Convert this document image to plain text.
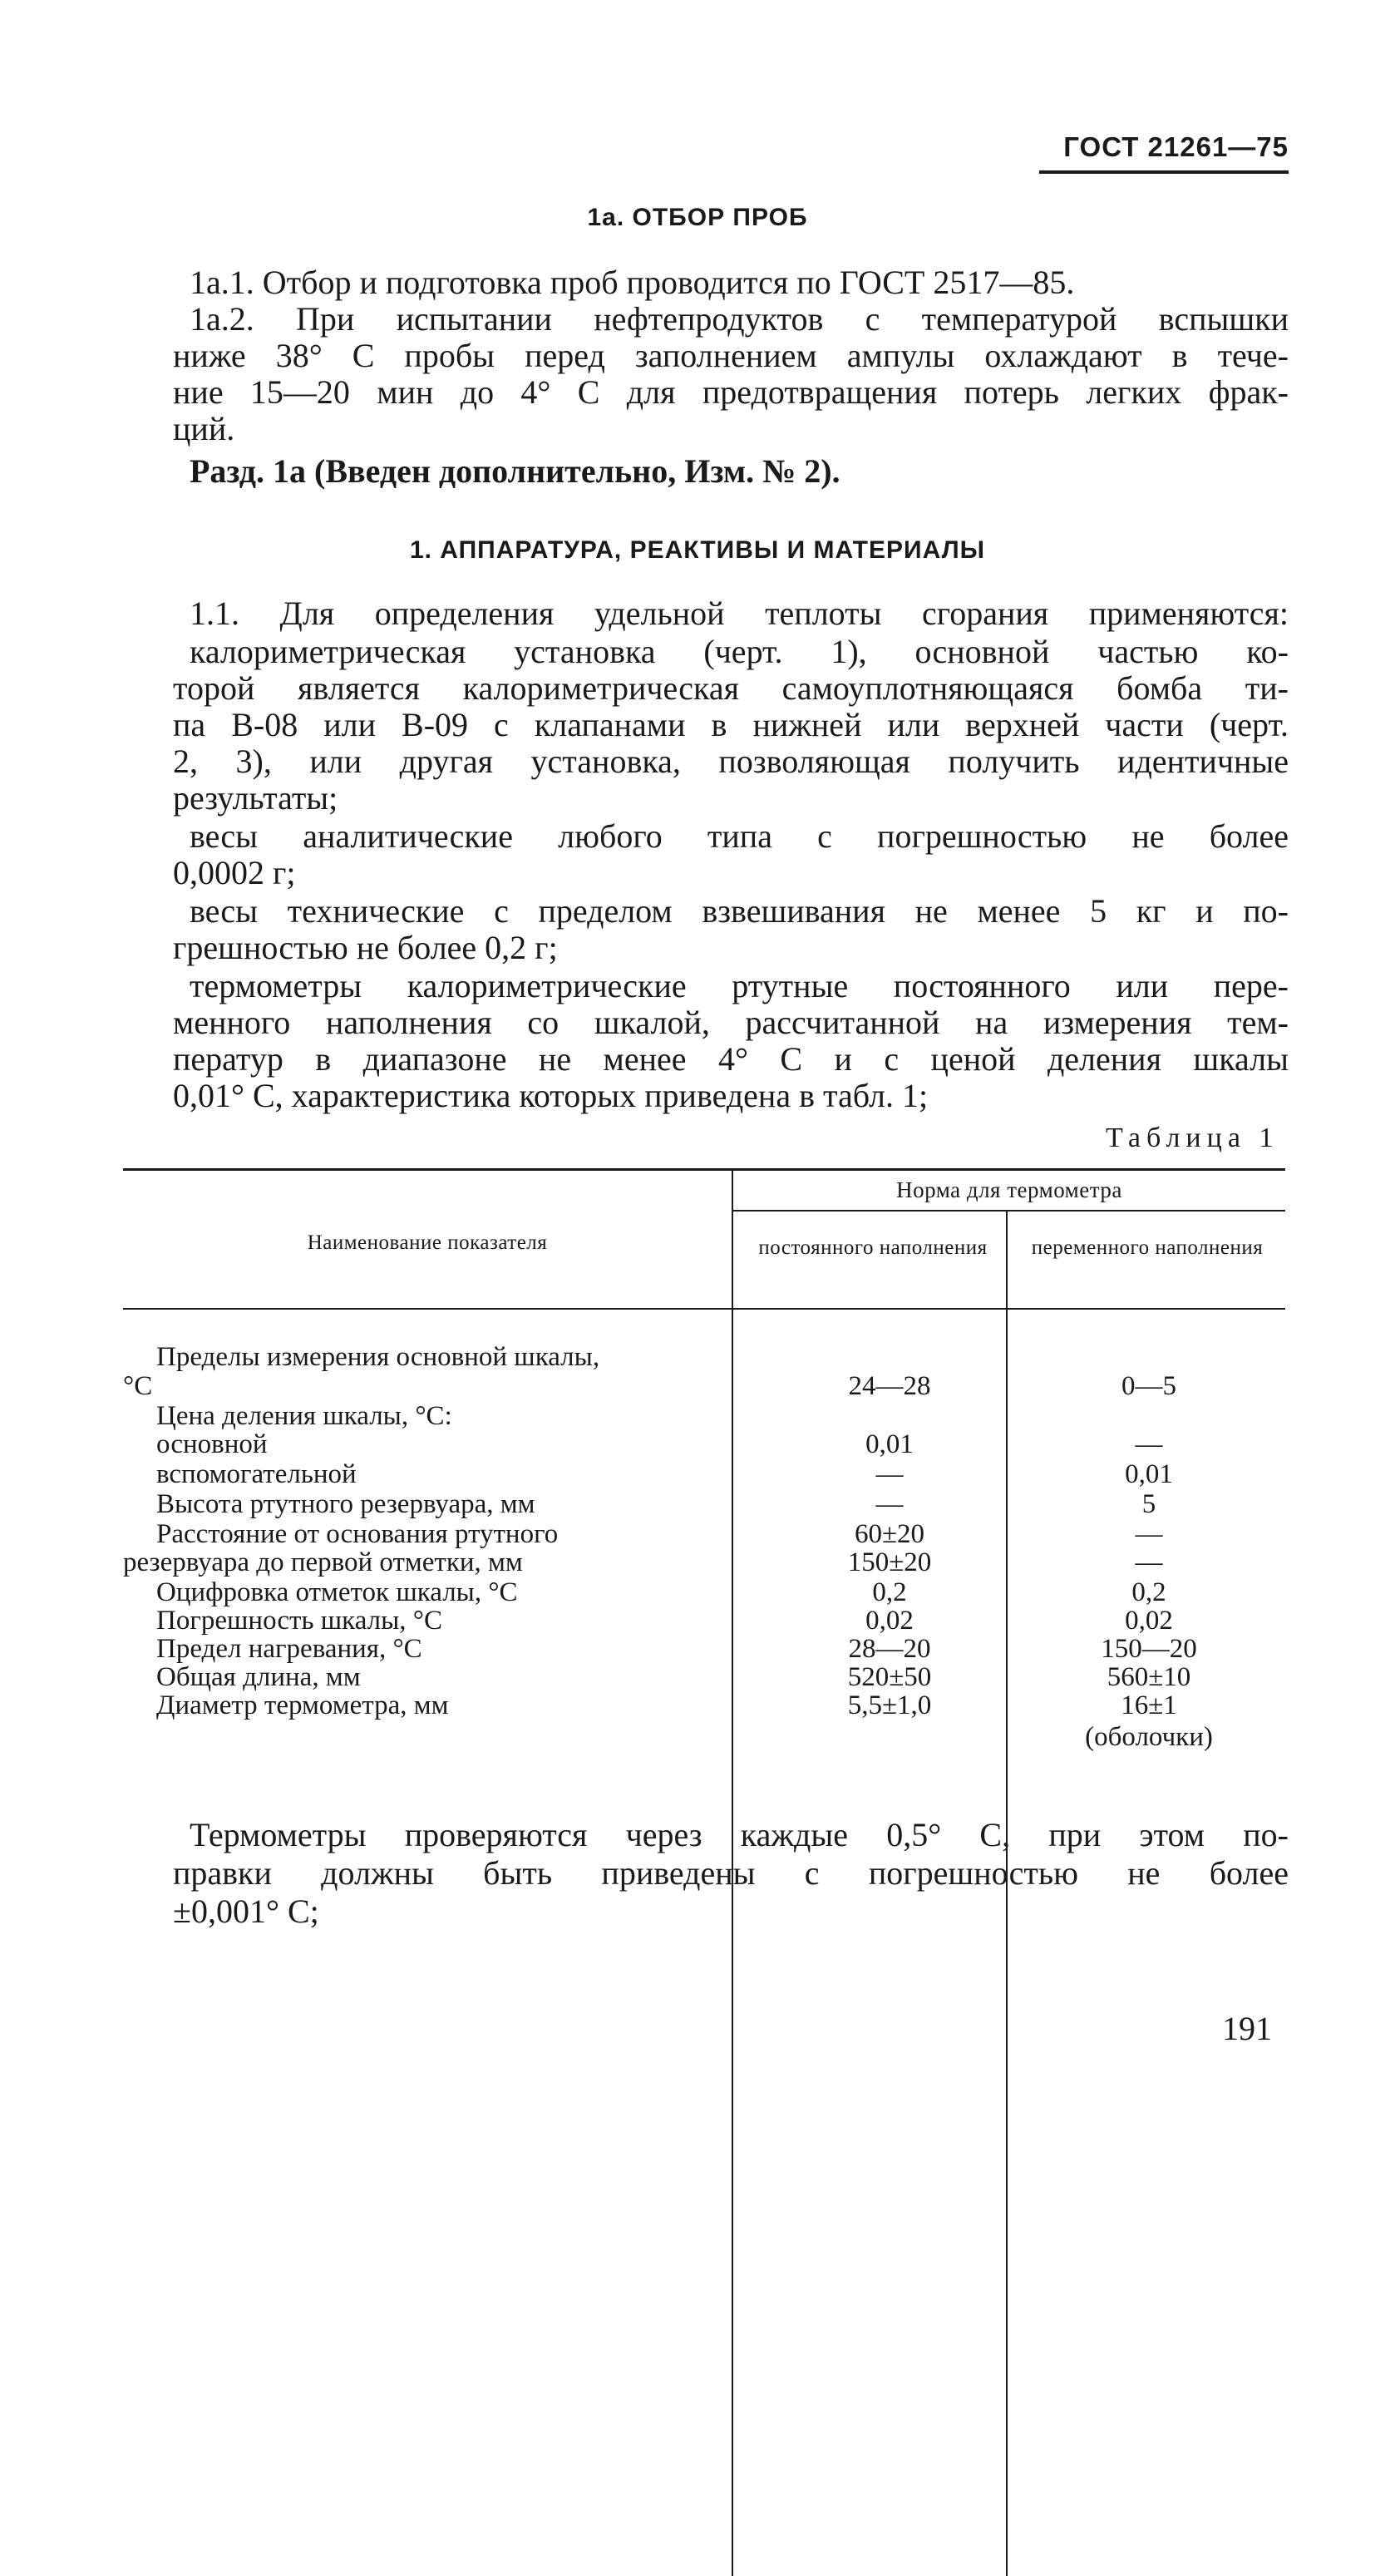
ГОСТ 21261—75
1а. ОТБОР ПРОБ
1а.1. Отбор и подготовка проб проводится по ГОСТ 2517—85.
1а.2. При испытании нефтепродуктов с температурой вспышки
ниже 38° С пробы перед заполнением ампулы охлаждают в тече-
ние 15—20 мин до 4° С для предотвращения потерь легких фрак-
ций.
Разд. 1а (Введен дополнительно, Изм. № 2).
1. АППАРАТУРА, РЕАКТИВЫ И МАТЕРИАЛЫ
1.1. Для определения удельной теплоты сгорания применяются:
калориметрическая установка (черт. 1), основной частью ко-
торой является калориметрическая самоуплотняющаяся бомба ти-
па В-08 или В-09 с клапанами в нижней или верхней части (черт.
2, 3), или другая установка, позволяющая получить идентичные
результаты;
весы аналитические любого типа с погрешностью не более
0,0002 г;
весы технические с пределом взвешивания не менее 5 кг и по-
грешностью не более 0,2 г;
термометры калориметрические ртутные постоянного или пере-
менного наполнения со шкалой, рассчитанной на измерения тем-
ператур в диапазоне не менее 4° С и с ценой деления шкалы
0,01° С, характеристика которых приведена в табл. 1;
Таблица 1
Наименование показателя
Норма для термометра
постоянного наполнения	переменного наполнения
Пределы измерения основной шкалы,
°С	24—28	0—5
Цена деления шкалы, °С:
основной	0,01	—
вспомогательной	—	0,01
Высота ртутного резервуара, мм	—	5
Расстояние от основания ртутного	60±20	—
резервуара до первой отметки, мм	150±20	—
Оцифровка отметок шкалы, °С	0,2	0,2
Погрешность шкалы, °С	0,02	0,02
Предел нагревания, °С	28—20	150—20
Общая длина, мм	520±50	560±10
Диаметр термометра, мм	5,5±1,0	16±1
(оболочки)
Термометры проверяются через каждые 0,5° С, при этом по-
правки должны быть приведены с погрешностью не более
±0,001° С;
191
